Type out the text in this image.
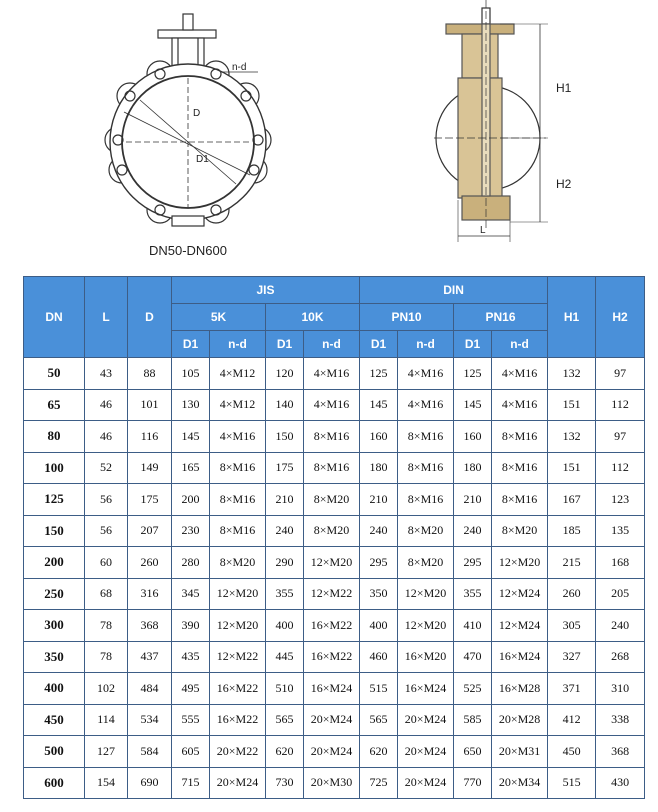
n-d
D
D1
H1
H2
L
DN50-DN600
DN	L	D	JIS				DIN				H1	H2
			5K		10K		PN10		PN16			
			D1	n-d	D1	n-d	D1	n-d	D1	n-d		
50	43	88	105	4×M12	120	4×M16	125	4×M16	125	4×M16	132	97
65	46	101	130	4×M12	140	4×M16	145	4×M16	145	4×M16	151	112
80	46	116	145	4×M16	150	8×M16	160	8×M16	160	8×M16	132	97
100	52	149	165	8×M16	175	8×M16	180	8×M16	180	8×M16	151	112
125	56	175	200	8×M16	210	8×M20	210	8×M16	210	8×M16	167	123
150	56	207	230	8×M16	240	8×M20	240	8×M20	240	8×M20	185	135
200	60	260	280	8×M20	290	12×M20	295	8×M20	295	12×M20	215	168
250	68	316	345	12×M20	355	12×M22	350	12×M20	355	12×M24	260	205
300	78	368	390	12×M20	400	16×M22	400	12×M20	410	12×M24	305	240
350	78	437	435	12×M22	445	16×M22	460	16×M20	470	16×M24	327	268
400	102	484	495	16×M22	510	16×M24	515	16×M24	525	16×M28	371	310
450	114	534	555	16×M22	565	20×M24	565	20×M24	585	20×M28	412	338
500	127	584	605	20×M22	620	20×M24	620	20×M24	650	20×M31	450	368
600	154	690	715	20×M24	730	20×M30	725	20×M24	770	20×M34	515	430
